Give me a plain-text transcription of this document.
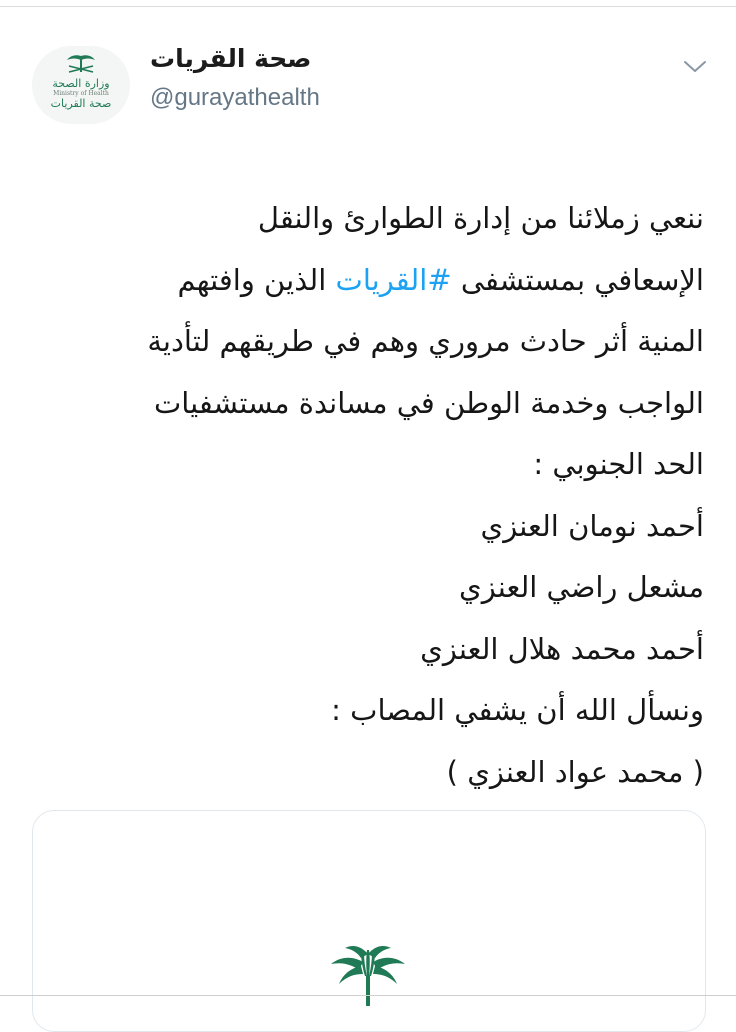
وزارة الصحة
Ministry of Health
صحة القريات
صحة القريات
@gurayathealth
ننعي زملائنا من إدارة الطوارئ والنقل
الإسعافي بمستشفى #القريات الذين وافتهم
المنية أثر حادث مروري وهم في طريقهم لتأدية
الواجب وخدمة الوطن في مساندة مستشفيات
الحد الجنوبي :
أحمد نومان العنزي
مشعل راضي العنزي
أحمد محمد هلال العنزي
ونسأل الله أن يشفي المصاب :
( محمد عواد العنزي )
